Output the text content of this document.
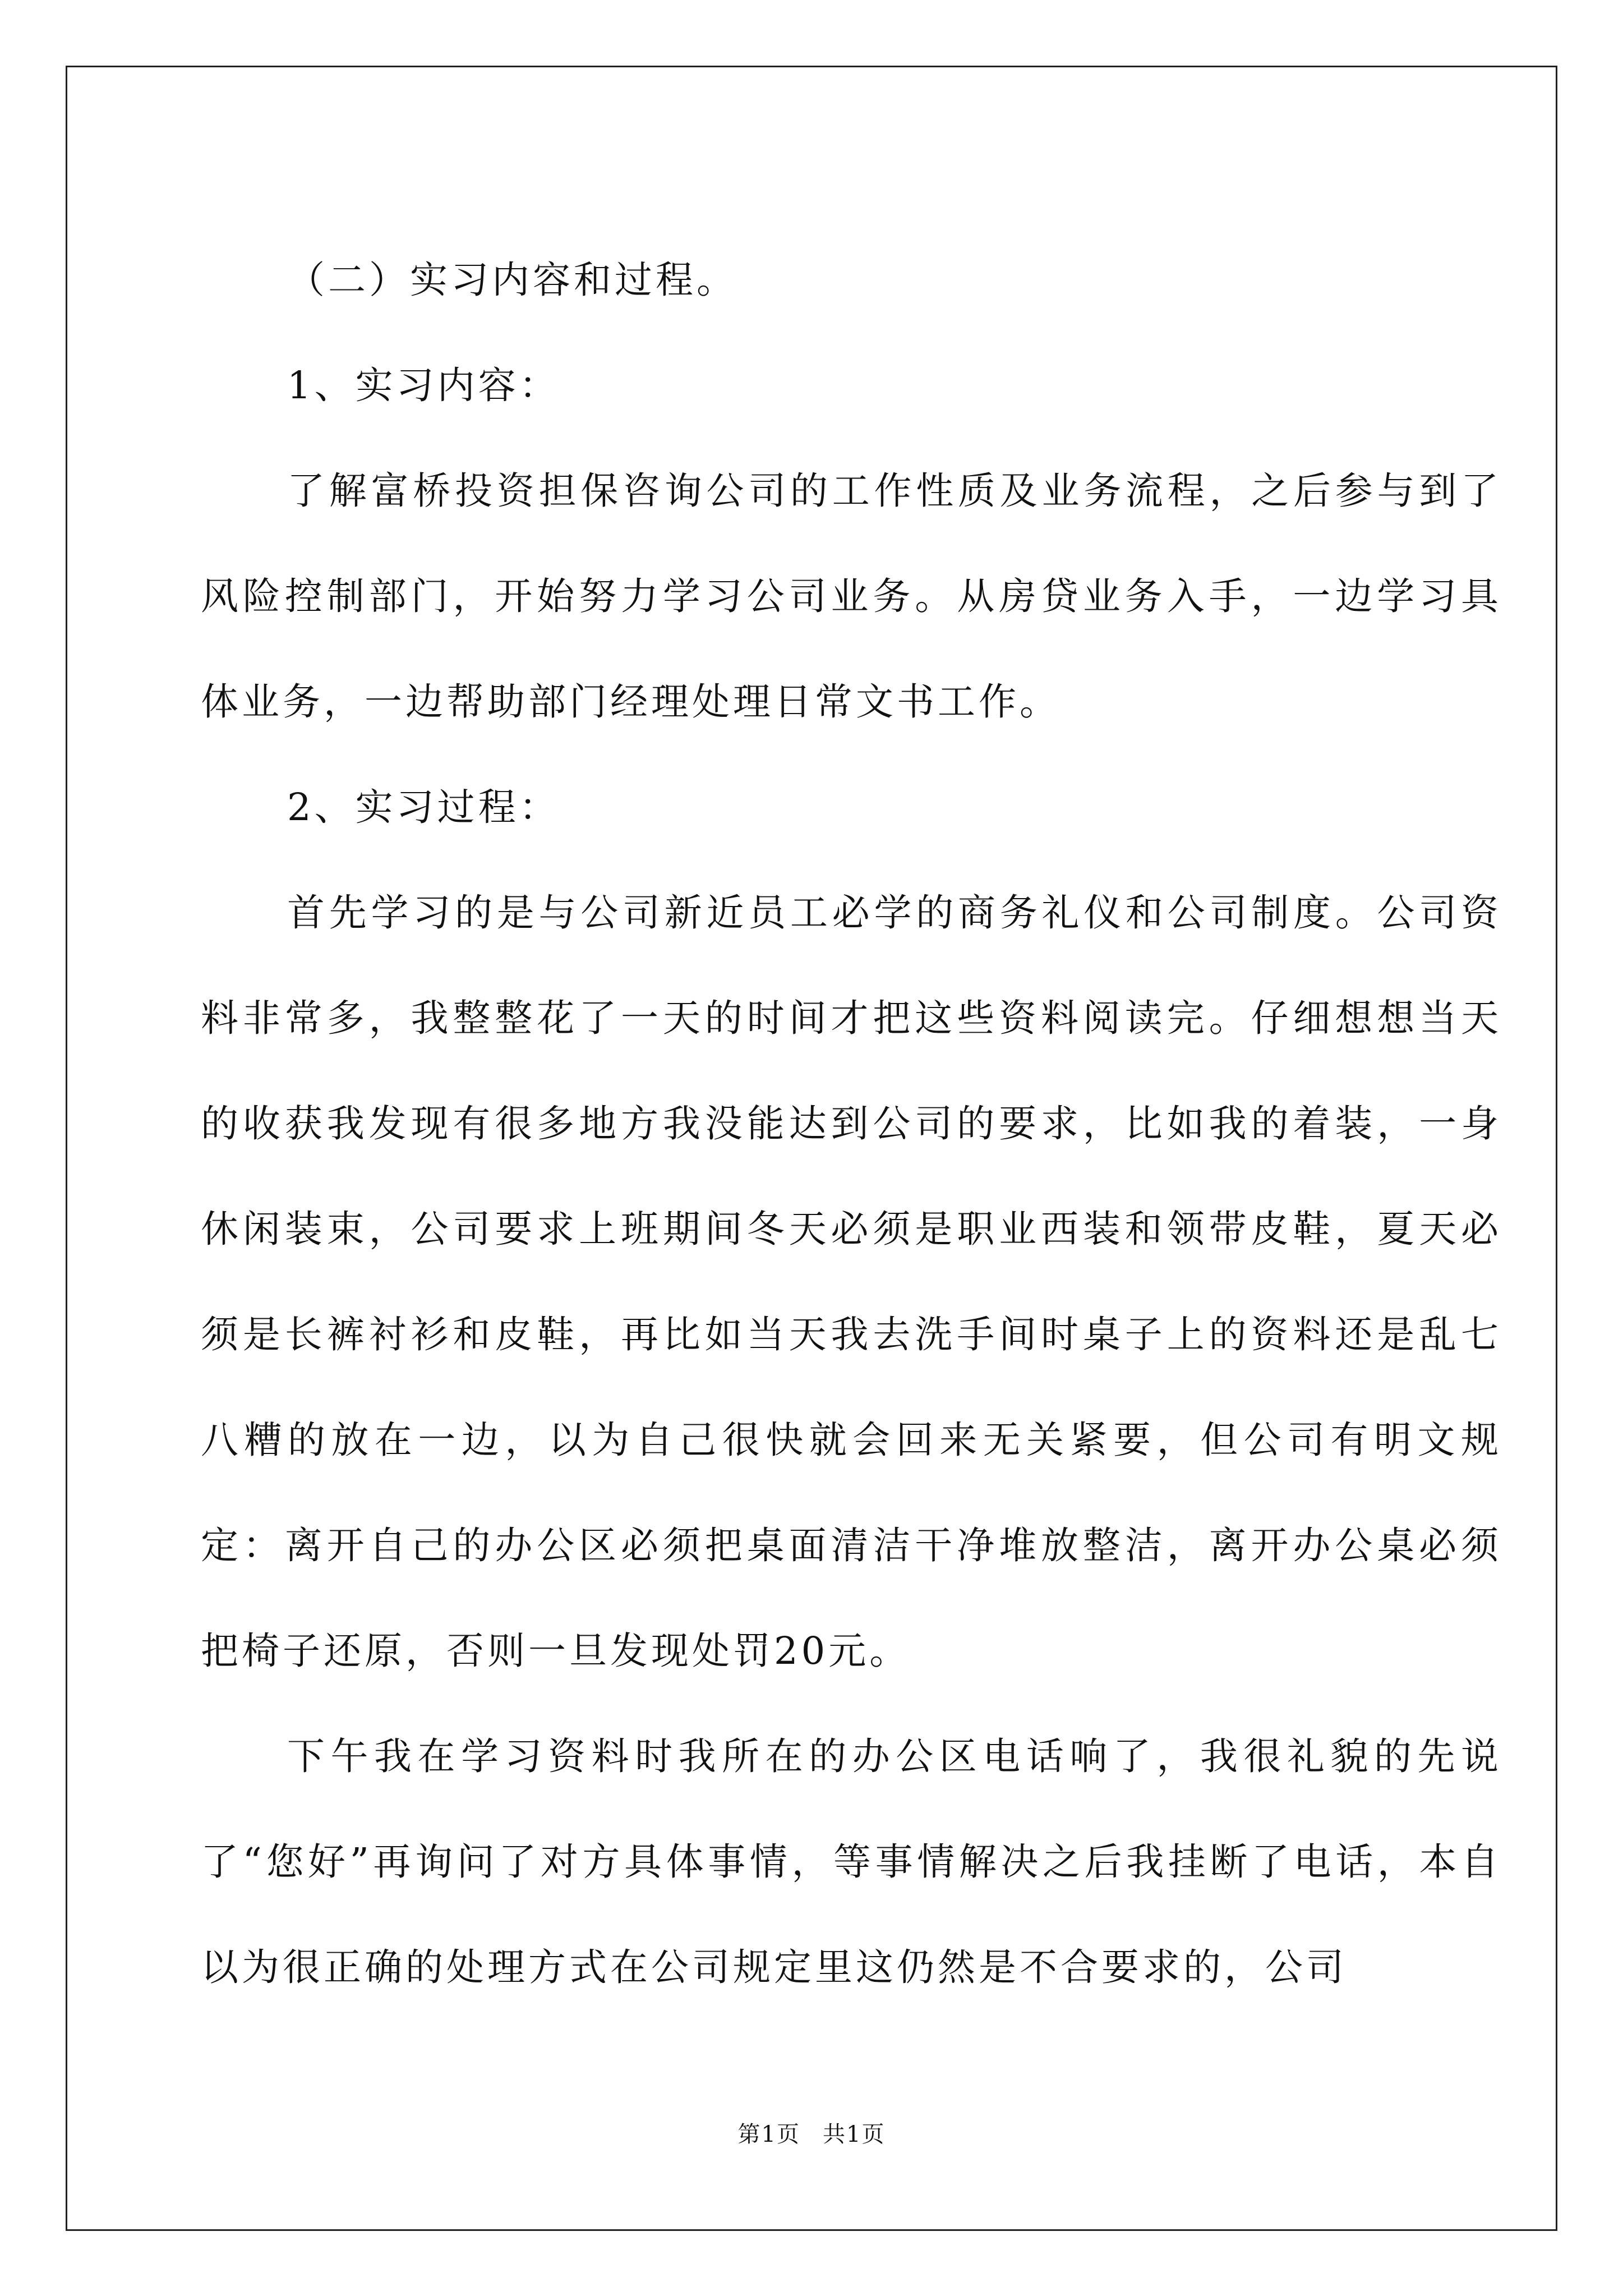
（二）实习内容和过程。

1、实习内容：

了解富桥投资担保咨询公司的工作性质及业务流程，之后参与到了风险控制部门，开始努力学习公司业务。从房贷业务入手，一边学习具体业务，一边帮助部门经理处理日常文书工作。

2、实习过程：

首先学习的是与公司新近员工必学的商务礼仪和公司制度。公司资料非常多，我整整花了一天的时间才把这些资料阅读完。仔细想想当天的收获我发现有很多地方我没能达到公司的要求，比如我的着装，一身休闲装束，公司要求上班期间冬天必须是职业西装和领带皮鞋，夏天必须是长裤衬衫和皮鞋，再比如当天我去洗手间时桌子上的资料还是乱七八糟的放在一边，以为自己很快就会回来无关紧要，但公司有明文规定：离开自己的办公区必须把桌面清洁干净堆放整洁，离开办公桌必须把椅子还原，否则一旦发现处罚20元。

下午我在学习资料时我所在的办公区电话响了，我很礼貌的先说了“您好”再询问了对方具体事情，等事情解决之后我挂断了电话，本自以为很正确的处理方式在公司规定里这仍然是不合要求的，公司

第1页 共1页
